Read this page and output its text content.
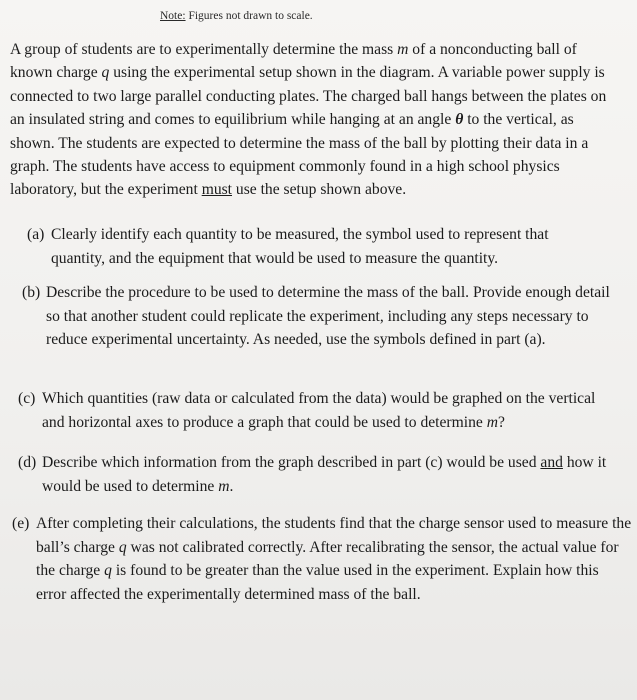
Note: Figures not drawn to scale.
A group of students are to experimentally determine the mass m of a nonconducting ball of known charge q using the experimental setup shown in the diagram. A variable power supply is connected to two large parallel conducting plates. The charged ball hangs between the plates on an insulated string and comes to equilibrium while hanging at an angle θ to the vertical, as shown. The students are expected to determine the mass of the ball by plotting their data in a graph. The students have access to equipment commonly found in a high school physics laboratory, but the experiment must use the setup shown above.
(a) Clearly identify each quantity to be measured, the symbol used to represent that quantity, and the equipment that would be used to measure the quantity.
(b) Describe the procedure to be used to determine the mass of the ball. Provide enough detail so that another student could replicate the experiment, including any steps necessary to reduce experimental uncertainty. As needed, use the symbols defined in part (a).
(c) Which quantities (raw data or calculated from the data) would be graphed on the vertical and horizontal axes to produce a graph that could be used to determine m?
(d) Describe which information from the graph described in part (c) would be used and how it would be used to determine m.
(e) After completing their calculations, the students find that the charge sensor used to measure the ball’s charge q was not calibrated correctly. After recalibrating the sensor, the actual value for the charge q is found to be greater than the value used in the experiment. Explain how this error affected the experimentally determined mass of the ball.
